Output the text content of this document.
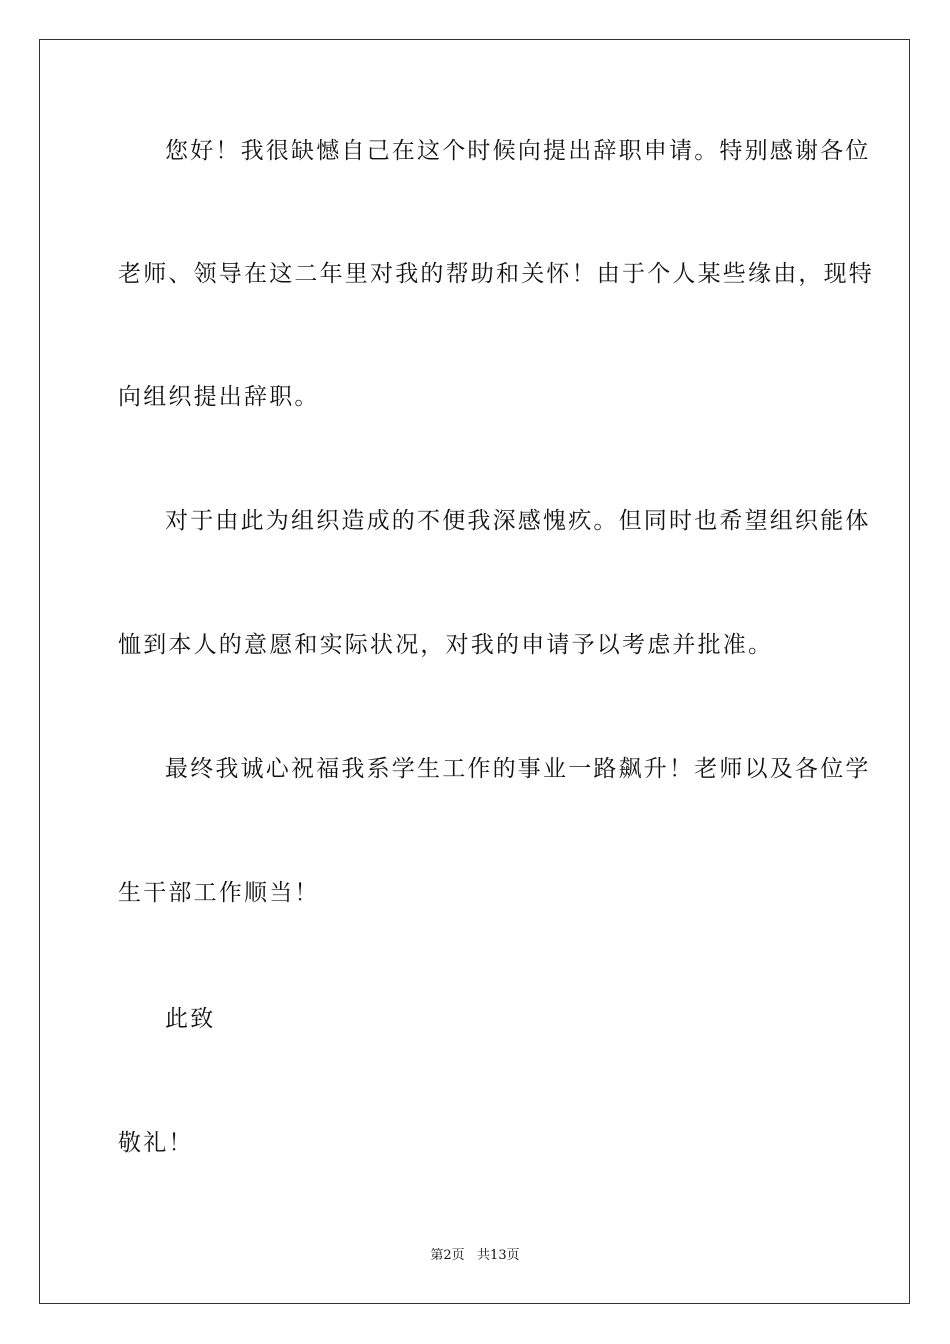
您好！我很缺憾自己在这个时候向提出辞职申请。特别感谢各位
老师、领导在这二年里对我的帮助和关怀！由于个人某些缘由，现特
向组织提出辞职。
对于由此为组织造成的不便我深感愧疚。但同时也希望组织能体
恤到本人的意愿和实际状况，对我的申请予以考虑并批准。
最终我诚心祝福我系学生工作的事业一路飙升！老师以及各位学
生干部工作顺当！
此致
敬礼！
第2页   共13页
